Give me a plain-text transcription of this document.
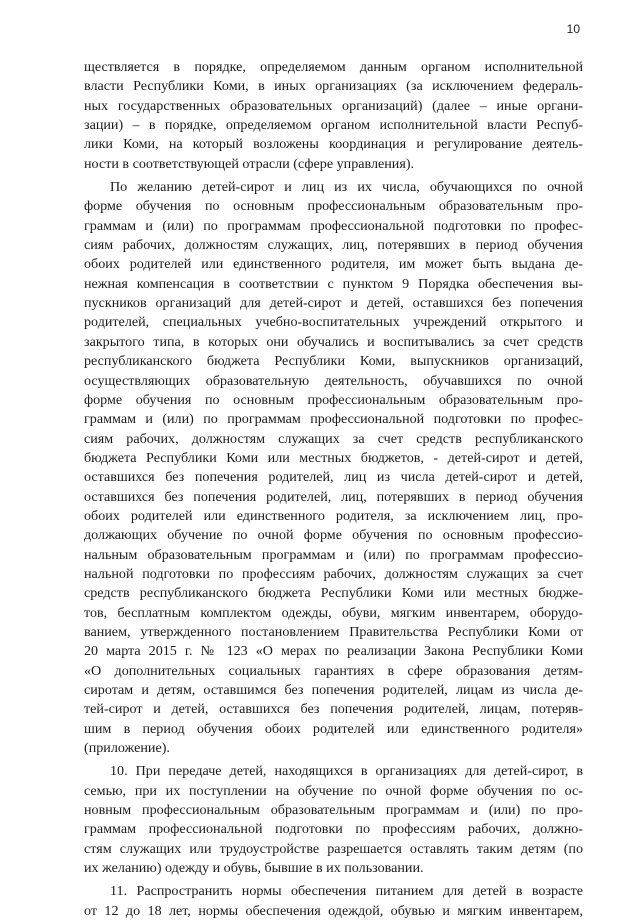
10

ществляется в порядке, определяемом данным органом исполнительной
власти Республики Коми, в иных организациях (за исключением федераль-
ных государственных образовательных организаций) (далее – иные органи-
зации) – в порядке, определяемом органом исполнительной власти Респуб-
лики Коми, на который возложены координация и регулирование деятель-
ности в соответствующей отрасли (сфере управления).

По желанию детей-сирот и лиц из их числа, обучающихся по очной
форме обучения по основным профессиональным образовательным про-
граммам и (или) по программам профессиональной подготовки по профес-
сиям рабочих, должностям служащих, лиц, потерявших в период обучения
обоих родителей или единственного родителя, им может быть выдана де-
нежная компенсация в соответствии с пунктом 9 Порядка обеспечения вы-
пускников организаций для детей-сирот и детей, оставшихся без попечения
родителей, специальных учебно-воспитательных учреждений открытого и
закрытого типа, в которых они обучались и воспитывались за счет средств
республиканского бюджета Республики Коми, выпускников организаций,
осуществляющих образовательную деятельность, обучавшихся по очной
форме обучения по основным профессиональным образовательным про-
граммам и (или) по программам профессиональной подготовки по профес-
сиям рабочих, должностям служащих за счет средств республиканского
бюджета Республики Коми или местных бюджетов, - детей-сирот и детей,
оставшихся без попечения родителей, лиц из числа детей-сирот и детей,
оставшихся без попечения родителей, лиц, потерявших в период обучения
обоих родителей или единственного родителя, за исключением лиц, про-
должающих обучение по очной форме обучения по основным профессио-
нальным образовательным программам и (или) по программам профессио-
нальной подготовки по профессиям рабочих, должностям служащих за счет
средств республиканского бюджета Республики Коми или местных бюдже-
тов, бесплатным комплектом одежды, обуви, мягким инвентарем, оборудо-
ванием, утвержденного постановлением Правительства Республики Коми от
20 марта 2015 г. № 123 «О мерах по реализации Закона Республики Коми
«О дополнительных социальных гарантиях в сфере образования детям-
сиротам и детям, оставшимся без попечения родителей, лицам из числа де-
тей-сирот и детей, оставшихся без попечения родителей, лицам, потеряв-
шим в период обучения обоих родителей или единственного родителя»
(приложение).

10. При передаче детей, находящихся в организациях для детей-сирот, в
семью, при их поступлении на обучение по очной форме обучения по ос-
новным профессиональным образовательным программам и (или) по про-
граммам профессиональной подготовки по профессиям рабочих, должно-
стям служащих или трудоустройстве разрешается оставлять таким детям (по
их желанию) одежду и обувь, бывшие в их пользовании.

11. Распространить нормы обеспечения питанием для детей в возрасте
от 12 до 18 лет, нормы обеспечения одеждой, обувью и мягким инвентарем,
